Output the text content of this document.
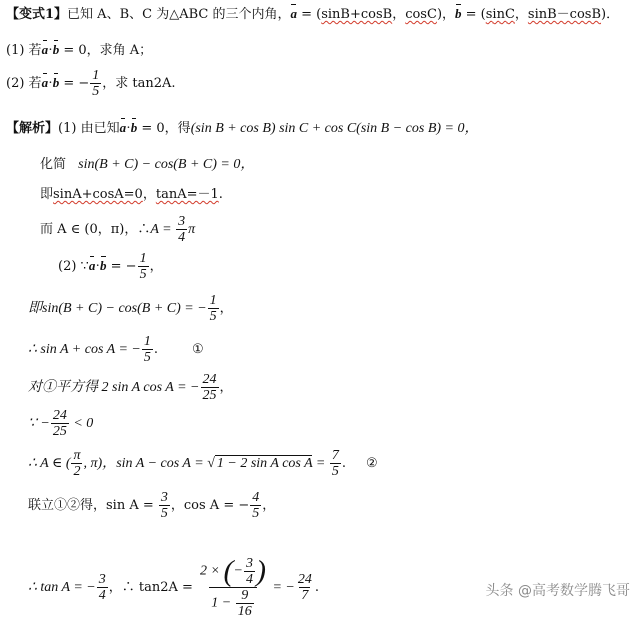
【变式1】已知 A、B、C 为△ABC 的三个内角，a = (sinB+cosB，cosC)，b = (sinC，sinB－cosB)．
(1) 若a·b = 0，求角 A；
(2) 若a·b = − $\frac{1}{5}$ ，求 tan2A.
【解析】(1) 由已知a·b = 0，得(sin B + cos B) sin C + cos C(sin B − cos B) = 0，
化简 sin(B + C) − cos(B + C) = 0，
即sinA+cosA=0，tanA=－1.
而 A ∈ (0，π)，∴A = $\frac{3}{4}$ π
(2) ∵a·b = − $\frac{1}{5}$ ，
即sin(B + C) − cos(B + C) = − $\frac{1}{5}$ ，
∴ sin A + cos A = − $\frac{1}{5}$ .	①
对①平方得 2 sin A cos A = − $\frac{24}{25}$ ，
∵ − $\frac{24}{25} < 0$
∴ A ∈ ( $\frac{\pi}{2}$ , π)，sin A − cos A = √ 1 − 2 sin A $\cos A = \frac{7}{5}$ . ②
联立①②得，$\sin A = \frac{3}{5}$ ，cos A = − $\frac{4}{5}$ ，
∴ tan A = − $\frac{3}{4}$ ，∴ $\tan 2A = \frac{2 \times (- \frac{3}{4} )}{1 - \frac{9}{16}}$ = − $\frac{24}{7}$ .	头条 @高考数学腾飞哥
